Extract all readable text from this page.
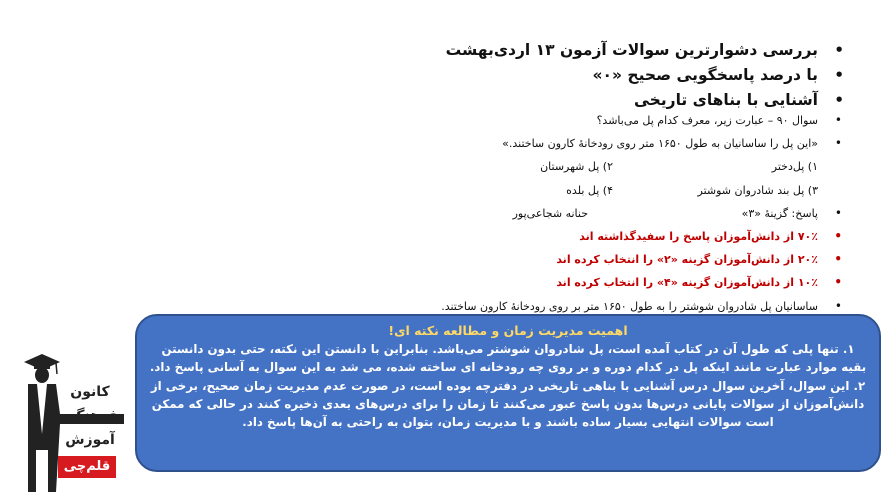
•
بررسی دشوارترین سوالات آزمون ۱۳ اردی‌بهشت
•
با درصد پاسخگویی صحیح «۰»
•
آشنایی با بناهای تاریخی
•
سوال ۹۰ – عبارت زیر، معرف کدام پل می‌باشد؟
•
«این پل را ساسانیان به طول ۱۶۵۰ متر روی رودخانهٔ کارون ساختند.»
۱) پل‌دختر۲) پل شهرستان
۳) پل بند شادروان شوشتر۴) پل بلده
•
پاسخ: گزینهٔ «۳»حنانه شجاعی‌پور
•
۷۰٪ از دانش‌آموزان پاسخ را سفیدگذاشته اند
•
۲۰٪ از دانش‌آموزان گزینه «۲» را انتخاب کرده اند
•
۱۰٪ از دانش‌آموزان گزینه «۴» را انتخاب کرده اند
•
ساسانیان پل شادروان شوشتر را به طول ۱۶۵۰ متر بر روی رودخانهٔ کارون ساختند.
اهمیت مدیریت زمان و مطالعه نکته ای!

۱. تنها پلی که طول آن در کتاب آمده است، پل شادروان شوشتر می‌باشد. بنابراین با دانستن این نکته، حتی بدون دانستن بقیه موارد عبارت مانند اینکه پل در کدام دوره و بر روی چه رودخانه ای ساخته شده، می شد به این سوال به آسانی پاسخ داد.

۲. این سوال، آخرین سوال درس آشنایی با بناهی تاریخی در دفترچه بوده است، در صورت عدم مدیریت زمان صحیح، برخی از دانش‌آموزان از سوالات پایانی درس‌ها بدون پاسخ عبور می‌کنند تا زمان را برای درس‌های بعدی ذخیره کنند در حالی که ممکن است سوالات انتهایی بسیار ساده باشند و با مدیریت زمان، بتوان به راحتی به آن‌ها پاسخ داد.

کانون
فرهنگی
آموزش
قلم‌چی
